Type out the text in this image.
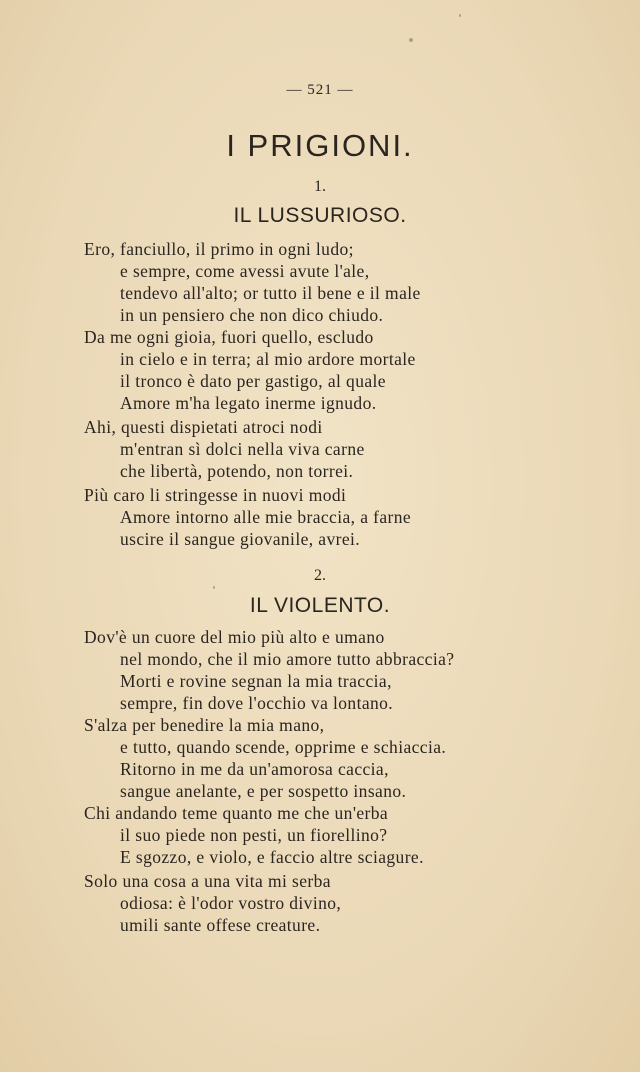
— 521 —
I PRIGIONI.
1.
IL LUSSURIOSO.
Ero, fanciullo, il primo in ogni ludo;
e sempre, come avessi avute l'ale,
tendevo all'alto; or tutto il bene e il male
in un pensiero che non dico chiudo.
Da me ogni gioia, fuori quello, escludo
in cielo e in terra; al mio ardore mortale
il tronco è dato per gastigo, al quale
Amore m'ha legato inerme ignudo.
Ahi, questi dispietati atroci nodi
m'entran sì dolci nella viva carne
che libertà, potendo, non torrei.
Più caro li stringesse in nuovi modi
Amore intorno alle mie braccia, a farne
uscire il sangue giovanile, avrei.
2.
IL VIOLENTO.
Dov'è un cuore del mio più alto e umano
nel mondo, che il mio amore tutto abbraccia?
Morti e rovine segnan la mia traccia,
sempre, fin dove l'occhio va lontano.
S'alza per benedire la mia mano,
e tutto, quando scende, opprime e schiaccia.
Ritorno in me da un'amorosa caccia,
sangue anelante, e per sospetto insano.
Chi andando teme quanto me che un'erba
il suo piede non pesti, un fiorellino?
E sgozzo, e violo, e faccio altre sciagure.
Solo una cosa a una vita mi serba
odiosa: è l'odor vostro divino,
umili sante offese creature.
